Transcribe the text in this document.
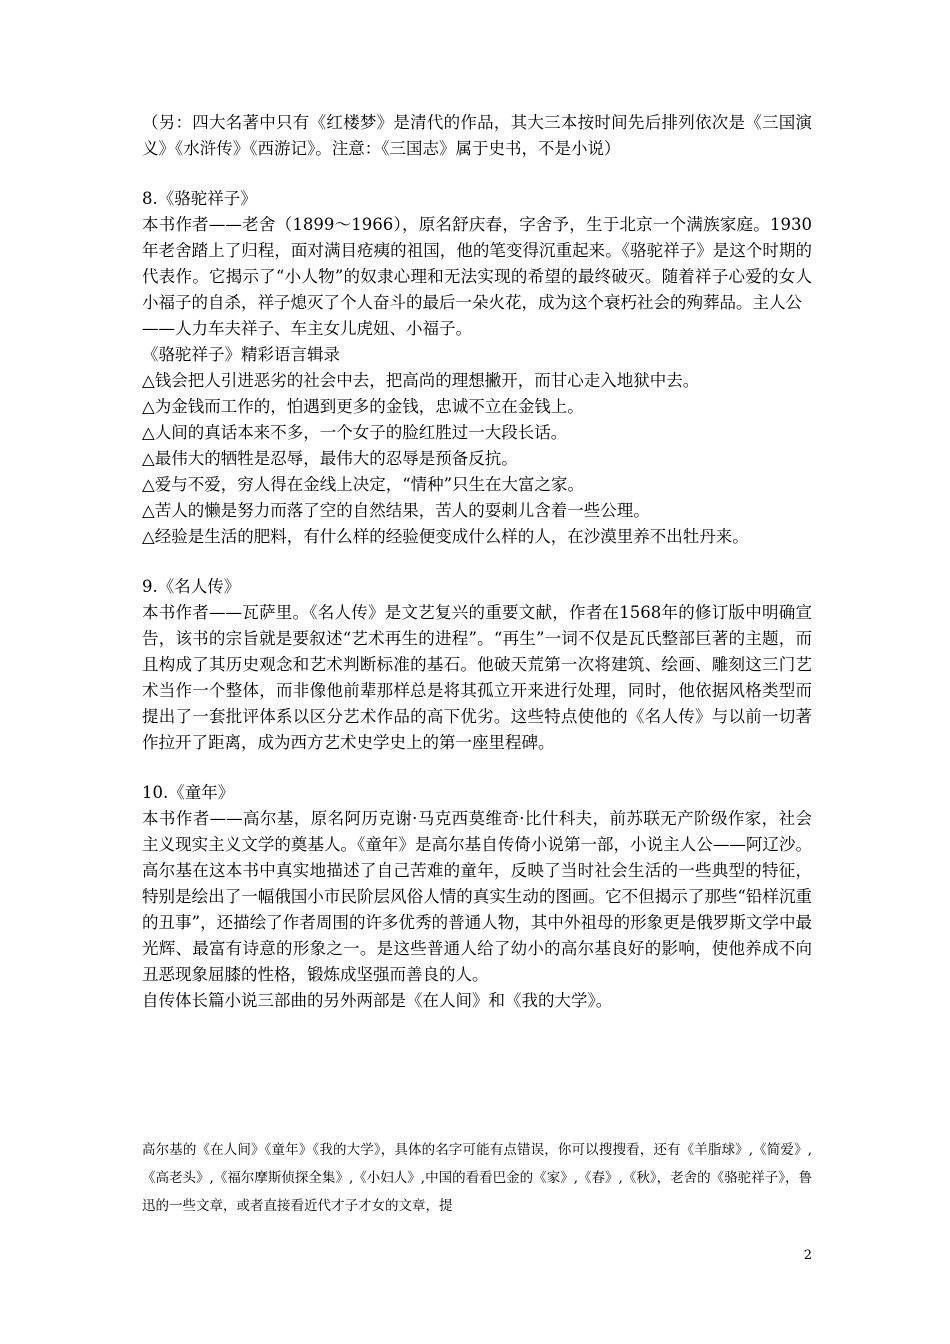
（另：四大名著中只有《红楼梦》是清代的作品，其大三本按时间先后排列依次是《三国演义》《水浒传》《西游记》。注意：《三国志》属于史书，不是小说）

8.《骆驼祥子》

本书作者——老舍（1899～1966），原名舒庆春，字舍予，生于北京一个满族家庭。1930年老舍踏上了归程，面对满目疮痍的祖国，他的笔变得沉重起来。《骆驼祥子》是这个时期的代表作。它揭示了“小人物”的奴隶心理和无法实现的希望的最终破灭。随着祥子心爱的女人小福子的自杀，祥子熄灭了个人奋斗的最后一朵火花，成为这个衰朽社会的殉葬品。主人公

——人力车夫祥子、车主女儿虎妞、小福子。

《骆驼祥子》精彩语言辑录

△钱会把人引进恶劣的社会中去，把高尚的理想撇开，而甘心走入地狱中去。

△为金钱而工作的，怕遇到更多的金钱，忠诚不立在金钱上。

△人间的真话本来不多，一个女子的脸红胜过一大段长话。

△最伟大的牺牲是忍辱，最伟大的忍辱是预备反抗。

△爱与不爱，穷人得在金线上决定，“情种”只生在大富之家。

△苦人的懒是努力而落了空的自然结果，苦人的耍刺儿含着一些公理。

△经验是生活的肥料，有什么样的经验便变成什么样的人，在沙漠里养不出牡丹来。

9.《名人传》

本书作者——瓦萨里。《名人传》是文艺复兴的重要文献，作者在1568年的修订版中明确宣告，该书的宗旨就是要叙述“艺术再生的进程”。“再生”一词不仅是瓦氏整部巨著的主题，而且构成了其历史观念和艺术判断标准的基石。他破天荒第一次将建筑、绘画、雕刻这三门艺术当作一个整体，而非像他前辈那样总是将其孤立开来进行处理，同时，他依据风格类型而提出了一套批评体系以区分艺术作品的高下优劣。这些特点使他的《名人传》与以前一切著作拉开了距离，成为西方艺术史学史上的第一座里程碑。

10.《童年》

本书作者——高尔基，原名阿历克谢·马克西莫维奇·比什科夫，前苏联无产阶级作家，社会主义现实主义文学的奠基人。《童年》是高尔基自传倚小说第一部，小说主人公——阿辽沙。高尔基在这本书中真实地描述了自己苦难的童年，反映了当时社会生活的一些典型的特征，特别是绘出了一幅俄国小市民阶层风俗人情的真实生动的图画。它不但揭示了那些“铅样沉重的丑事”，还描绘了作者周围的许多优秀的普通人物，其中外祖母的形象更是俄罗斯文学中最光辉、最富有诗意的形象之一。是这些普通人给了幼小的高尔基良好的影响，使他养成不向丑恶现象屈膝的性格，锻炼成坚强而善良的人。

自传体长篇小说三部曲的另外两部是《在人间》和《我的大学》。

高尔基的《在人间》《童年》《我的大学》，具体的名字可能有点错误，你可以搜搜看，还有《羊脂球》,《简爱》,《高老头》,《福尔摩斯侦探全集》,《小妇人》,中国的看看巴金的《家》,《春》,《秋》，老舍的《骆驼祥子》，鲁迅的一些文章，或者直接看近代才子才女的文章，提

2
